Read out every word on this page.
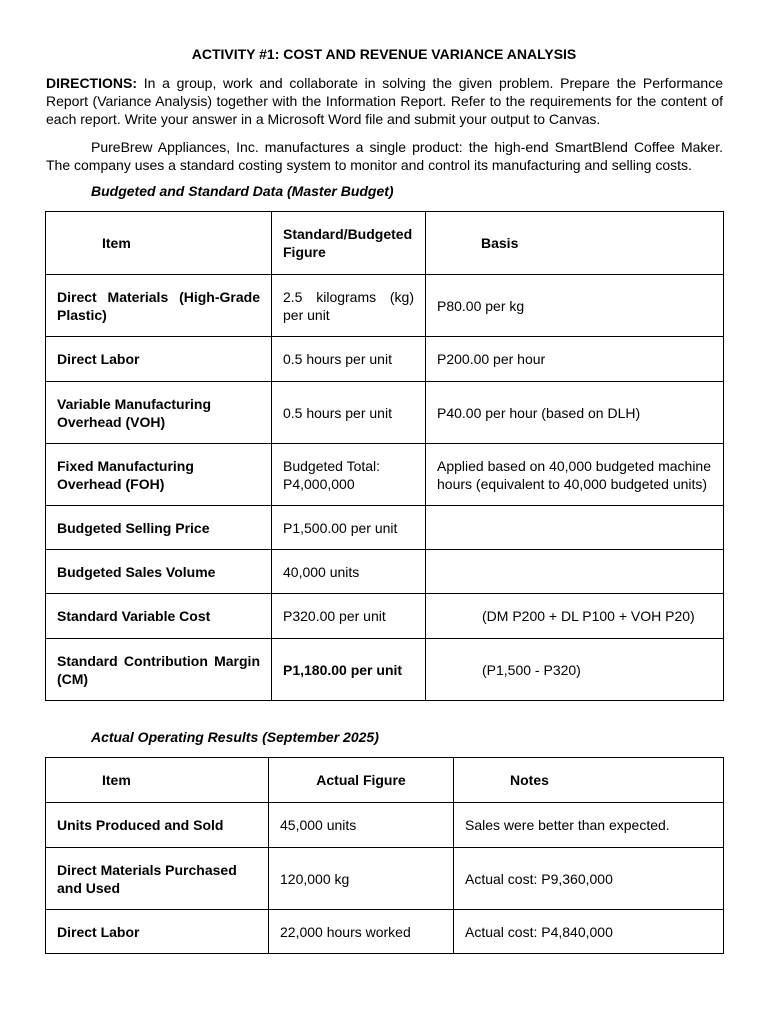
ACTIVITY #1: COST AND REVENUE VARIANCE ANALYSIS
DIRECTIONS: In a group, work and collaborate in solving the given problem. Prepare the Performance Report (Variance Analysis) together with the Information Report. Refer to the requirements for the content of each report. Write your answer in a Microsoft Word file and submit your output to Canvas.
PureBrew Appliances, Inc. manufactures a single product: the high-end SmartBlend Coffee Maker. The company uses a standard costing system to monitor and control its manufacturing and selling costs.
Budgeted and Standard Data (Master Budget)
Item	Standard/Budgeted Figure	Basis
Direct Materials (High-Grade Plastic)	2.5 kilograms (kg) per unit	P80.00 per kg
Direct Labor	0.5 hours per unit	P200.00 per hour
Variable Manufacturing Overhead (VOH)	0.5 hours per unit	P40.00 per hour (based on DLH)
Fixed Manufacturing Overhead (FOH)	Budgeted Total: P4,000,000	Applied based on 40,000 budgeted machine hours (equivalent to 40,000 budgeted units)
Budgeted Selling Price	P1,500.00 per unit	
Budgeted Sales Volume	40,000 units	
Standard Variable Cost	P320.00 per unit	(DM P200 + DL P100 + VOH P20)
Standard Contribution Margin (CM)	P1,180.00 per unit	(P1,500 - P320)
Actual Operating Results (September 2025)
Item	Actual Figure	Notes
Units Produced and Sold	45,000 units	Sales were better than expected.
Direct Materials Purchased and Used	120,000 kg	Actual cost: P9,360,000
Direct Labor	22,000 hours worked	Actual cost: P4,840,000
